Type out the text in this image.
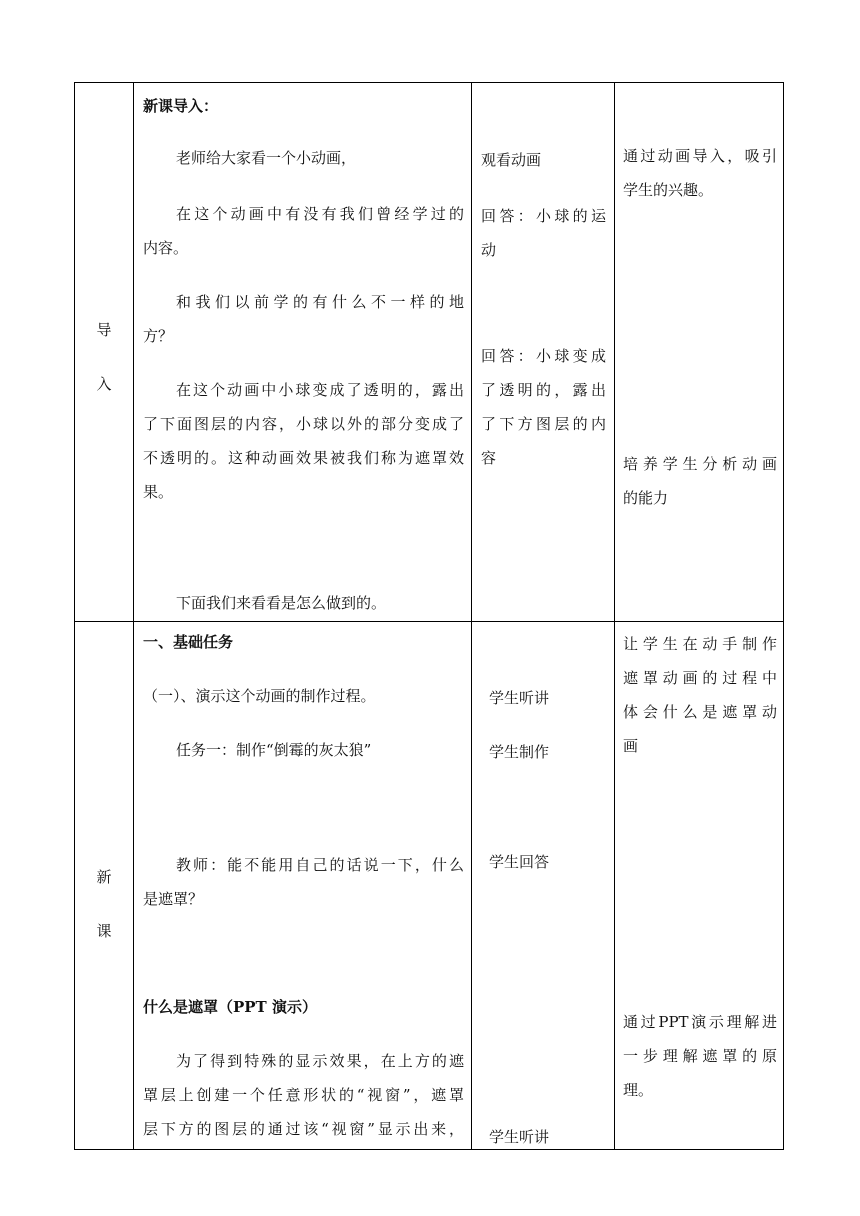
导
入
新课导入：
老师给大家看一个小动画，
在这个动画中有没有我们曾经学过的
内容。
和我们以前学的有什么不一样的地
方？
在这个动画中小球变成了透明的，露出
了下面图层的内容，小球以外的部分变成了
不透明的。这种动画效果被我们称为遮罩效
果。
下面我们来看看是怎么做到的。
观看动画
回答：小球的运
动
回答：小球变成
了透明的，露出
了下方图层的内
容
通过动画导入，吸引
学生的兴趣。
培养学生分析动画
的能力
新
课
一、基础任务
（一）、演示这个动画的制作过程。
任务一：制作“倒霉的灰太狼”
教师：能不能用自己的话说一下，什么
是遮罩？
什么是遮罩（PPT 演示）
为了得到特殊的显示效果，在上方的遮
罩层上创建一个任意形状的“视窗”，遮罩
层下方的图层的通过该“视窗”显示出来，
学生听讲
学生制作
学生回答
学生听讲
让学生在动手制作
遮罩动画的过程中
体会什么是遮罩动
画
通过PPT演示理解进
一步理解遮罩的原
理。
